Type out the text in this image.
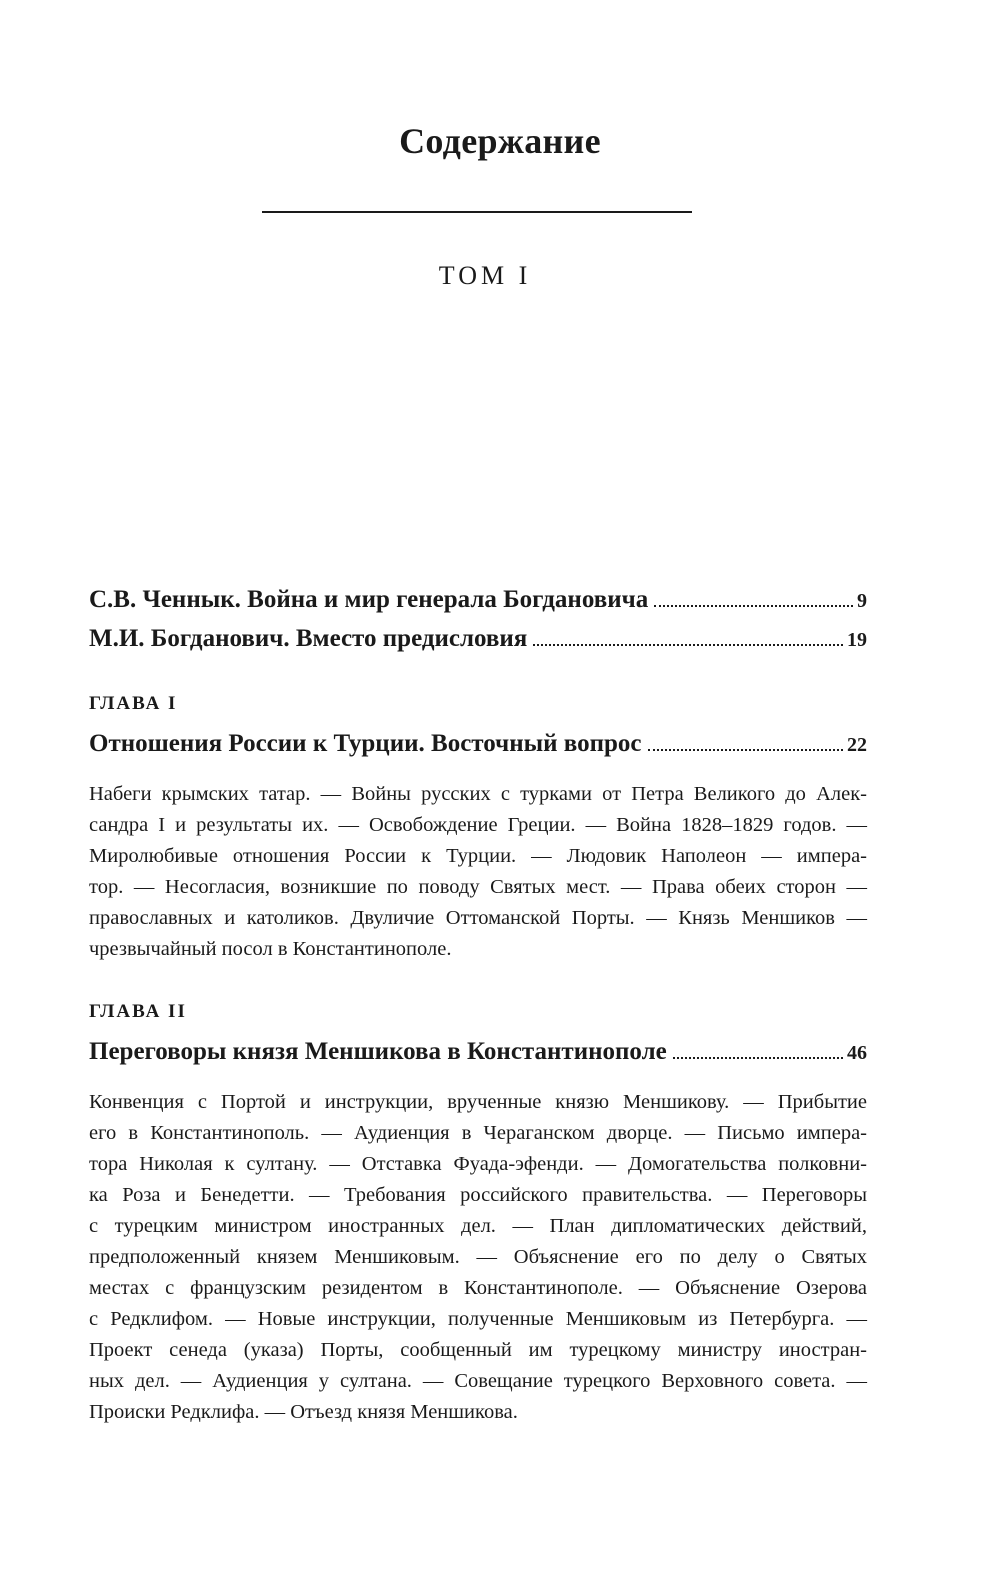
Содержание
ТОМ I
С.В. Ченнык. Война и мир генерала Богдановича	9
М.И. Богданович. Вместо предисловия	19
ГЛАВА I
Отношения России к Турции. Восточный вопрос	22
Набеги крымских татар. — Войны русских с турками от Петра Великого до Алек-
сандра I и результаты их. — Освобождение Греции. — Война 1828–1829 годов. —
Миролюбивые отношения России к Турции. — Людовик Наполеон — импера-
тор. — Несогласия, возникшие по поводу Святых мест. — Права обеих сторон —
православных и католиков. Двуличие Оттоманской Порты. — Князь Меншиков —
чрезвычайный посол в Константинополе.
ГЛАВА II
Переговоры князя Меншикова в Константинополе	46
Конвенция с Портой и инструкции, врученные князю Меншикову. — Прибытие
его в Константинополь. — Аудиенция в Чераганском дворце. — Письмо импера-
тора Николая к султану. — Отставка Фуада-эфенди. — Домогательства полковни-
ка Роза и Бенедетти. — Требования российского правительства. — Переговоры
с турецким министром иностранных дел. — План дипломатических действий,
предположенный князем Меншиковым. — Объяснение его по делу о Святых
местах с французским резидентом в Константинополе. — Объяснение Озерова
с Редклифом. — Новые инструкции, полученные Меншиковым из Петербурга. —
Проект сенеда (указа) Порты, сообщенный им турецкому министру иностран-
ных дел. — Аудиенция у султана. — Совещание турецкого Верховного совета. —
Происки Редклифа. — Отъезд князя Меншикова.
